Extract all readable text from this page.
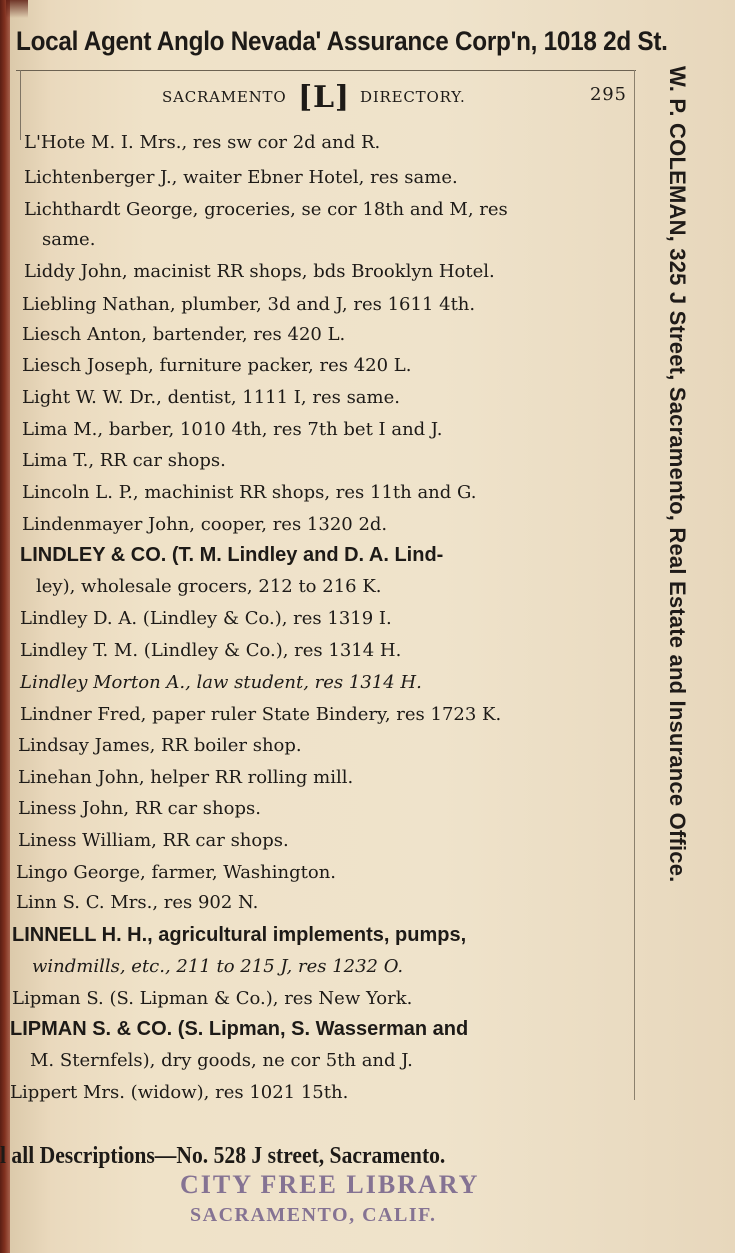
Local Agent Anglo Nevada' Assurance Corp'n, 1018 2d St.
SACRAMENTO [L] DIRECTORY.	295
L'Hote M. I. Mrs., res sw cor 2d and R.
Lichtenberger J., waiter Ebner Hotel, res same.
Lichthardt George, groceries, se cor 18th and M, res
same.
Liddy John, macinist RR shops, bds Brooklyn Hotel.
Liebling Nathan, plumber, 3d and J, res 1611 4th.
Liesch Anton, bartender, res 420 L.
Liesch Joseph, furniture packer, res 420 L.
Light W. W. Dr., dentist, 1111 I, res same.
Lima M., barber, 1010 4th, res 7th bet I and J.
Lima T., RR car shops.
Lincoln L. P., machinist RR shops, res 11th and G.
Lindenmayer John, cooper, res 1320 2d.
LINDLEY & CO. (T. M. Lindley and D. A. Lind-
ley), wholesale grocers, 212 to 216 K.
Lindley D. A. (Lindley & Co.), res 1319 I.
Lindley T. M. (Lindley & Co.), res 1314 H.
Lindley Morton A., law student, res 1314 H.
Lindner Fred, paper ruler State Bindery, res 1723 K.
Lindsay James, RR boiler shop.
Linehan John, helper RR rolling mill.
Liness John, RR car shops.
Liness William, RR car shops.
Lingo George, farmer, Washington.
Linn S. C. Mrs., res 902 N.
LINNELL H. H., agricultural implements, pumps,
windmills, etc., 211 to 215 J, res 1232 O.
Lipman S. (S. Lipman & Co.), res New York.
LIPMAN S. & CO. (S. Lipman, S. Wasserman and
M. Sternfels), dry goods, ne cor 5th and J.
Lippert Mrs. (widow), res 1021 15th.
W. P. COLEMAN, 325 J Street, Sacramento, Real Estate and Insurance Office.
l all Descriptions—No. 528 J street, Sacramento.
CITY FREE LIBRARY
SACRAMENTO, CALIF.
